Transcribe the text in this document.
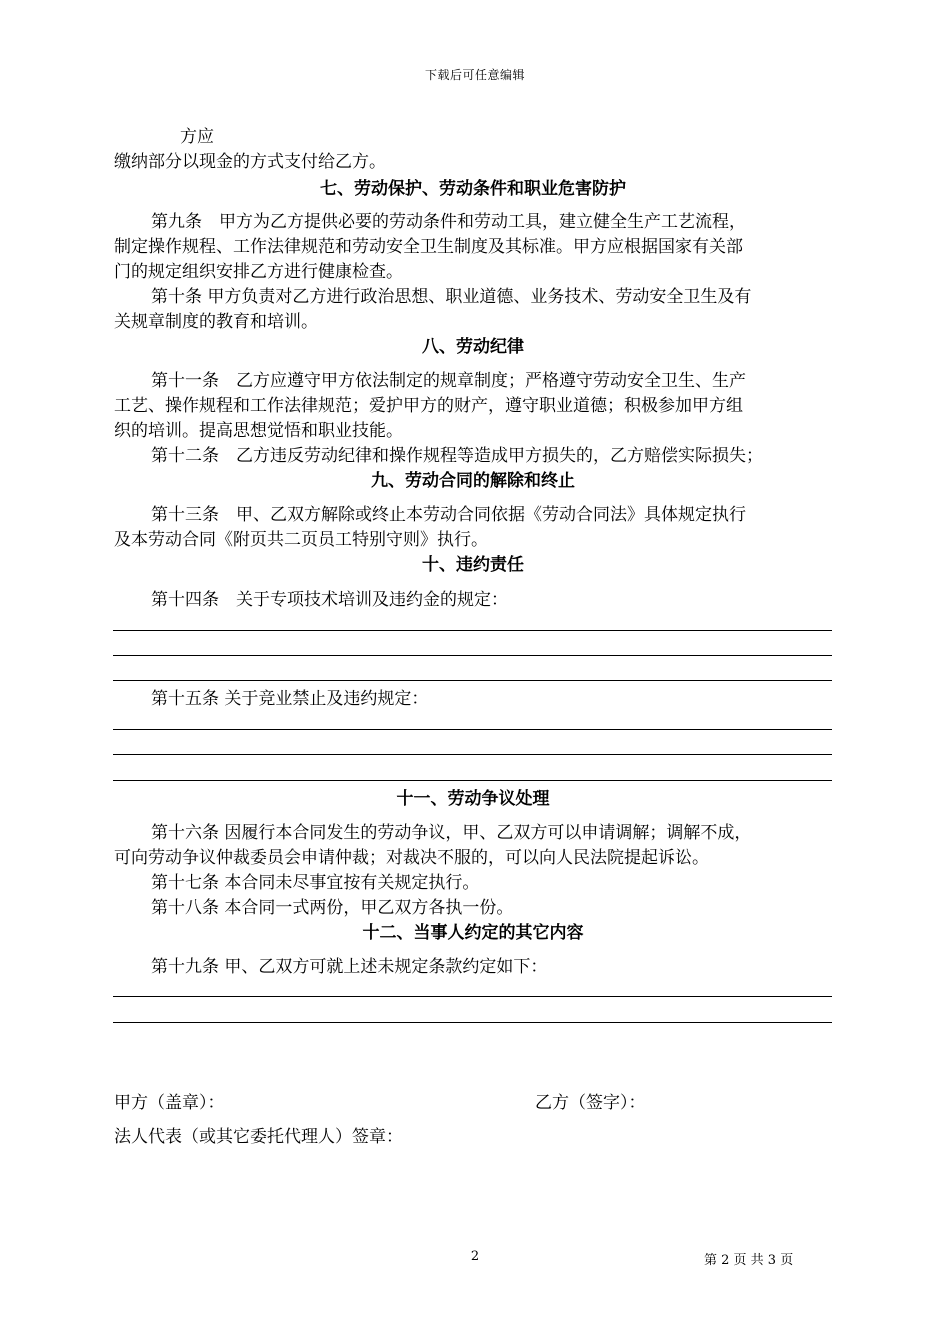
下载后可任意编辑
方应
缴纳部分以现金的方式支付给乙方。
七、劳动保护、劳动条件和职业危害防护
第九条　甲方为乙方提供必要的劳动条件和劳动工具，建立健全生产工艺流程，
制定操作规程、工作法律规范和劳动安全卫生制度及其标准。甲方应根据国家有关部
门的规定组织安排乙方进行健康检查。
第十条 甲方负责对乙方进行政治思想、职业道德、业务技术、劳动安全卫生及有
关规章制度的教育和培训。
八、劳动纪律
第十一条　乙方应遵守甲方依法制定的规章制度；严格遵守劳动安全卫生、生产
工艺、操作规程和工作法律规范；爱护甲方的财产，遵守职业道德；积极参加甲方组
织的培训。提高思想觉悟和职业技能。
第十二条　乙方违反劳动纪律和操作规程等造成甲方损失的，乙方赔偿实际损失；
九、劳动合同的解除和终止
第十三条　甲、乙双方解除或终止本劳动合同依据《劳动合同法》具体规定执行
及本劳动合同《附页共二页员工特别守则》执行。
十、违约责任
第十四条　关于专项技术培训及违约金的规定：
第十五条 关于竞业禁止及违约规定：
十一、劳动争议处理
第十六条 因履行本合同发生的劳动争议，甲、乙双方可以申请调解；调解不成，
可向劳动争议仲裁委员会申请仲裁；对裁决不服的，可以向人民法院提起诉讼。
第十七条 本合同未尽事宜按有关规定执行。
第十八条 本合同一式两份，甲乙双方各执一份。
十二、当事人约定的其它内容
第十九条 甲、乙双方可就上述未规定条款约定如下：
甲方（盖章）：	乙方（签字）：
法人代表（或其它委托代理人）签章：
2	第 2 页 共 3 页
